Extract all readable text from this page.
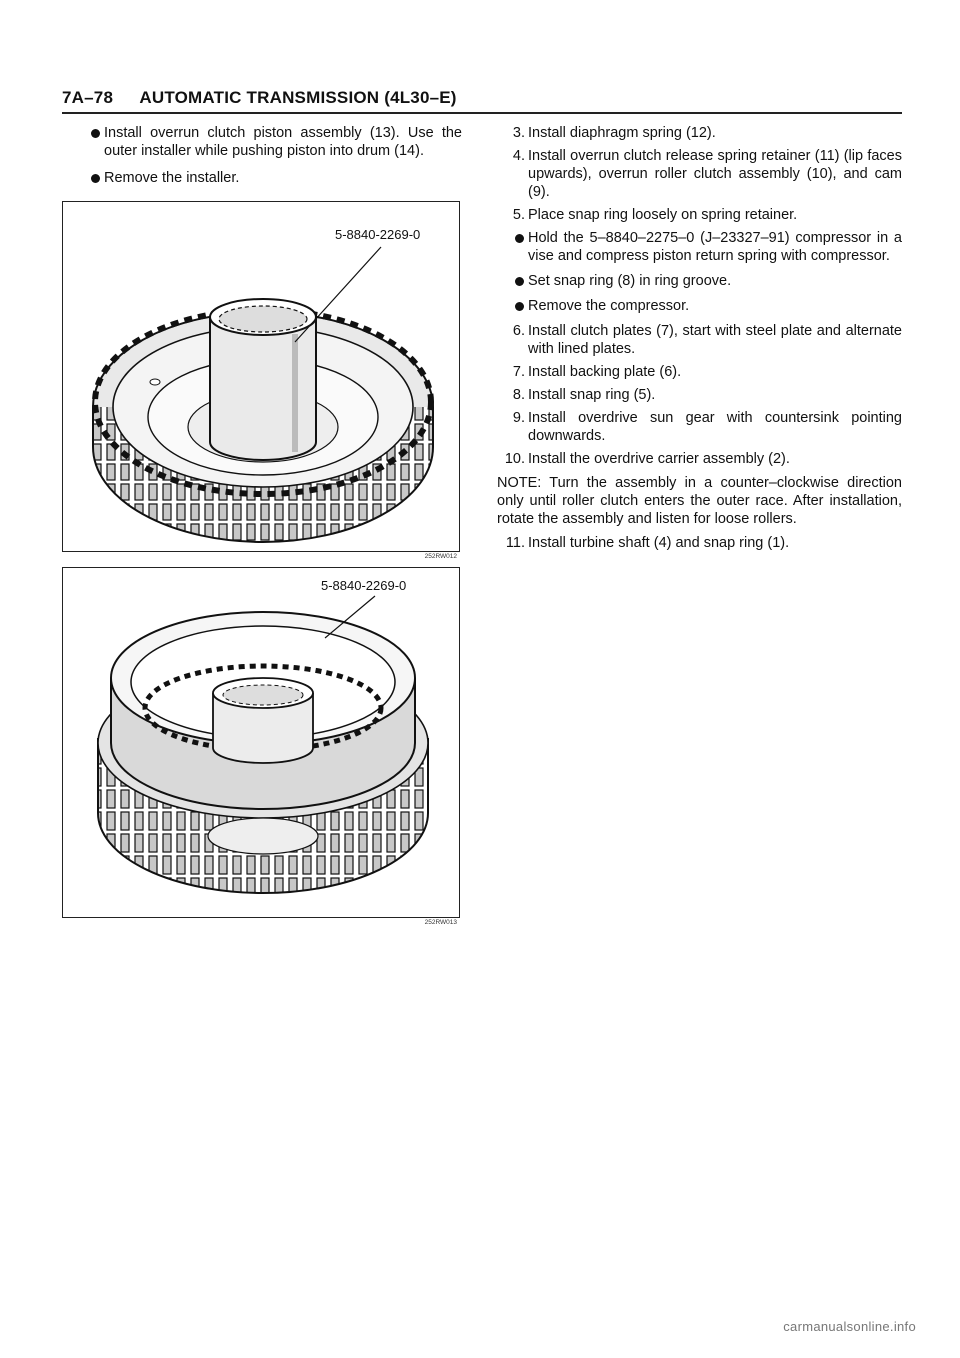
7A–78 AUTOMATIC TRANSMISSION (4L30–E)
Install overrun clutch piston assembly (13). Use the outer installer while pushing piston into drum (14).
Remove the installer.
5-8840-2269-0
252RW012
5-8840-2269-0
252RW013
3. Install diaphragm spring (12).
4. Install overrun clutch release spring retainer (11) (lip faces upwards), overrun roller clutch assembly (10), and cam (9).
5. Place snap ring loosely on spring retainer.
Hold the 5–8840–2275–0 (J–23327–91) compressor in a vise and compress piston return spring with compressor.
Set snap ring (8) in ring groove.
Remove the compressor.
6. Install clutch plates (7), start with steel plate and alternate with lined plates.
7. Install backing plate (6).
8. Install snap ring (5).
9. Install overdrive sun gear with countersink pointing downwards.
10. Install the overdrive carrier assembly (2).
NOTE: Turn the assembly in a counter–clockwise direction only until roller clutch enters the outer race. After installation, rotate the assembly and listen for loose rollers.
11. Install turbine shaft (4) and snap ring (1).
carmanualsonline.info
